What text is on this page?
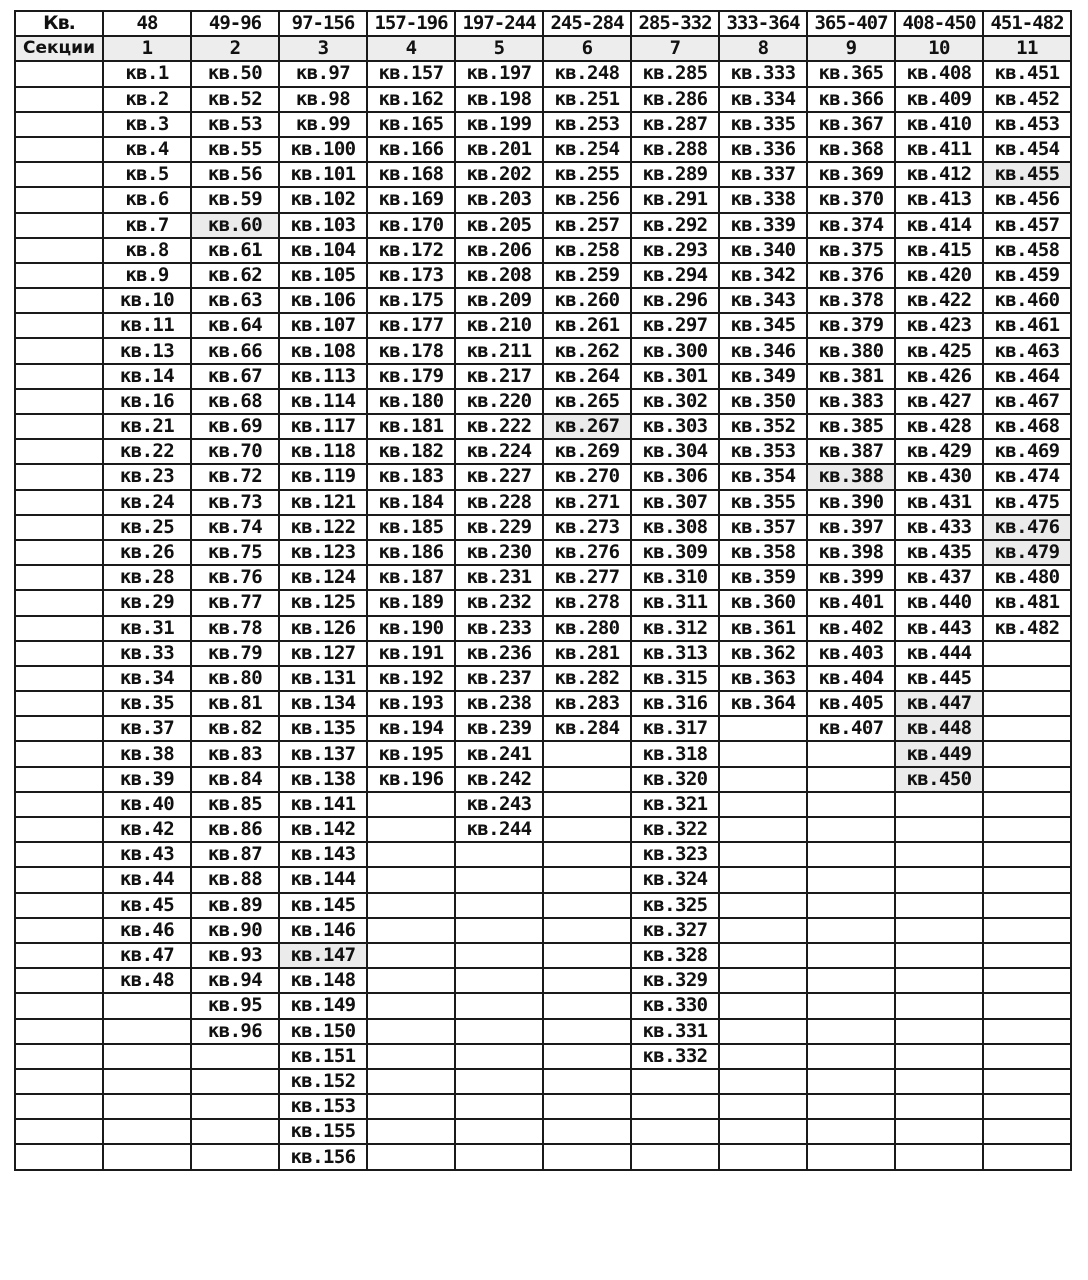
Кв.	48	49-96	97-156	157-196	197-244	245-284	285-332	333-364	365-407	408-450	451-482
Секции	1	2	3	4	5	6	7	8	9	10	11
	кв.1	кв.50	кв.97	кв.157	кв.197	кв.248	кв.285	кв.333	кв.365	кв.408	кв.451
	кв.2	кв.52	кв.98	кв.162	кв.198	кв.251	кв.286	кв.334	кв.366	кв.409	кв.452
	кв.3	кв.53	кв.99	кв.165	кв.199	кв.253	кв.287	кв.335	кв.367	кв.410	кв.453
	кв.4	кв.55	кв.100	кв.166	кв.201	кв.254	кв.288	кв.336	кв.368	кв.411	кв.454
	кв.5	кв.56	кв.101	кв.168	кв.202	кв.255	кв.289	кв.337	кв.369	кв.412	кв.455
	кв.6	кв.59	кв.102	кв.169	кв.203	кв.256	кв.291	кв.338	кв.370	кв.413	кв.456
	кв.7	кв.60	кв.103	кв.170	кв.205	кв.257	кв.292	кв.339	кв.374	кв.414	кв.457
	кв.8	кв.61	кв.104	кв.172	кв.206	кв.258	кв.293	кв.340	кв.375	кв.415	кв.458
	кв.9	кв.62	кв.105	кв.173	кв.208	кв.259	кв.294	кв.342	кв.376	кв.420	кв.459
	кв.10	кв.63	кв.106	кв.175	кв.209	кв.260	кв.296	кв.343	кв.378	кв.422	кв.460
	кв.11	кв.64	кв.107	кв.177	кв.210	кв.261	кв.297	кв.345	кв.379	кв.423	кв.461
	кв.13	кв.66	кв.108	кв.178	кв.211	кв.262	кв.300	кв.346	кв.380	кв.425	кв.463
	кв.14	кв.67	кв.113	кв.179	кв.217	кв.264	кв.301	кв.349	кв.381	кв.426	кв.464
	кв.16	кв.68	кв.114	кв.180	кв.220	кв.265	кв.302	кв.350	кв.383	кв.427	кв.467
	кв.21	кв.69	кв.117	кв.181	кв.222	кв.267	кв.303	кв.352	кв.385	кв.428	кв.468
	кв.22	кв.70	кв.118	кв.182	кв.224	кв.269	кв.304	кв.353	кв.387	кв.429	кв.469
	кв.23	кв.72	кв.119	кв.183	кв.227	кв.270	кв.306	кв.354	кв.388	кв.430	кв.474
	кв.24	кв.73	кв.121	кв.184	кв.228	кв.271	кв.307	кв.355	кв.390	кв.431	кв.475
	кв.25	кв.74	кв.122	кв.185	кв.229	кв.273	кв.308	кв.357	кв.397	кв.433	кв.476
	кв.26	кв.75	кв.123	кв.186	кв.230	кв.276	кв.309	кв.358	кв.398	кв.435	кв.479
	кв.28	кв.76	кв.124	кв.187	кв.231	кв.277	кв.310	кв.359	кв.399	кв.437	кв.480
	кв.29	кв.77	кв.125	кв.189	кв.232	кв.278	кв.311	кв.360	кв.401	кв.440	кв.481
	кв.31	кв.78	кв.126	кв.190	кв.233	кв.280	кв.312	кв.361	кв.402	кв.443	кв.482
	кв.33	кв.79	кв.127	кв.191	кв.236	кв.281	кв.313	кв.362	кв.403	кв.444	
	кв.34	кв.80	кв.131	кв.192	кв.237	кв.282	кв.315	кв.363	кв.404	кв.445	
	кв.35	кв.81	кв.134	кв.193	кв.238	кв.283	кв.316	кв.364	кв.405	кв.447	
	кв.37	кв.82	кв.135	кв.194	кв.239	кв.284	кв.317		кв.407	кв.448	
	кв.38	кв.83	кв.137	кв.195	кв.241		кв.318			кв.449	
	кв.39	кв.84	кв.138	кв.196	кв.242		кв.320			кв.450	
	кв.40	кв.85	кв.141		кв.243		кв.321				
	кв.42	кв.86	кв.142		кв.244		кв.322				
	кв.43	кв.87	кв.143				кв.323				
	кв.44	кв.88	кв.144				кв.324				
	кв.45	кв.89	кв.145				кв.325				
	кв.46	кв.90	кв.146				кв.327				
	кв.47	кв.93	кв.147				кв.328				
	кв.48	кв.94	кв.148				кв.329				
		кв.95	кв.149				кв.330				
		кв.96	кв.150				кв.331				
			кв.151				кв.332				
			кв.152								
			кв.153								
			кв.155								
			кв.156								
